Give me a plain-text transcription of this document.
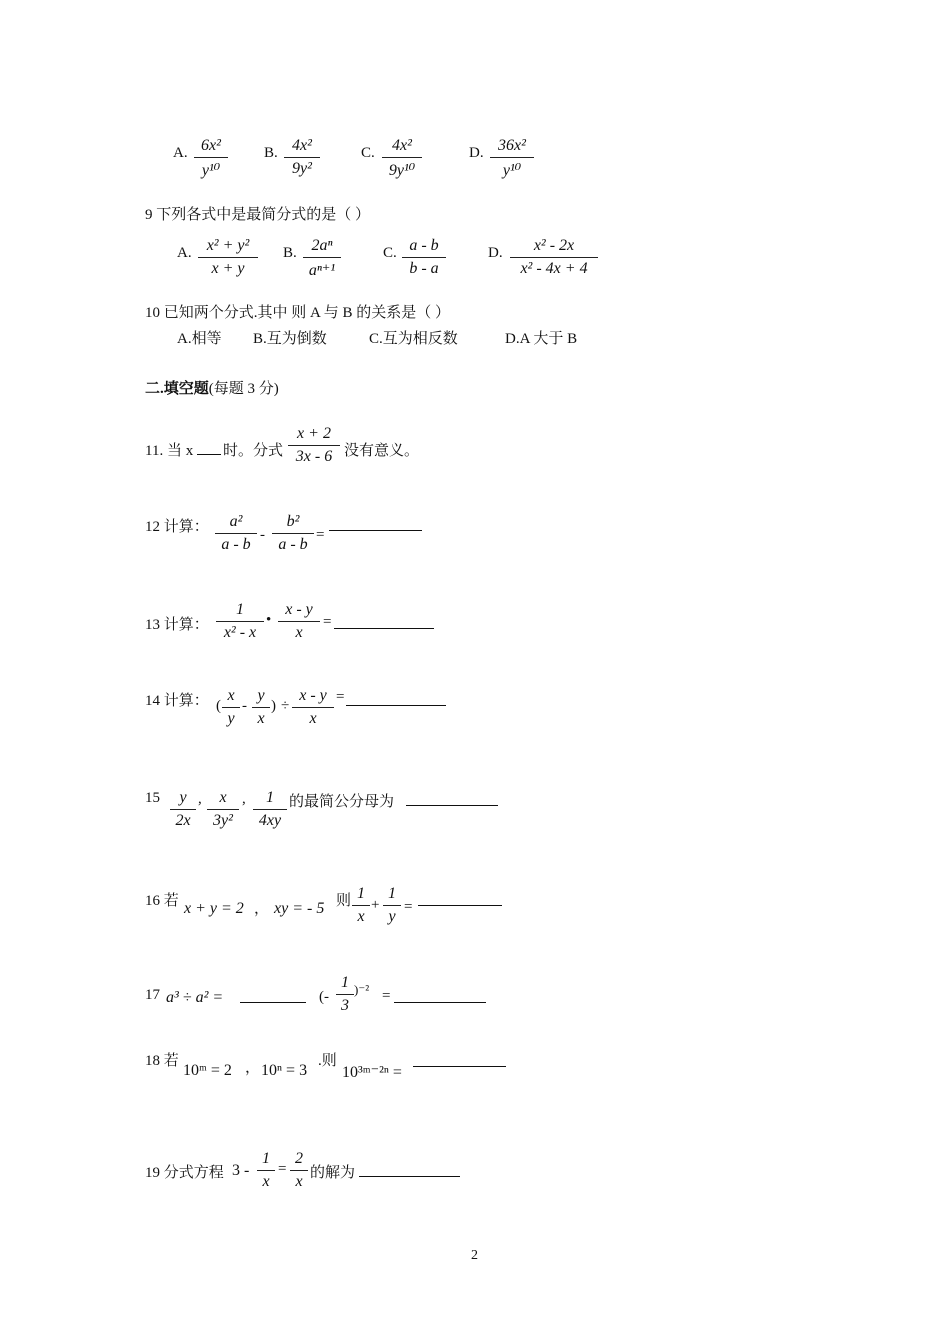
A. $\frac{\text{6x²}}{\text{y¹⁰}} B$. $\frac{\text{4x²}}{\text{9y²}}$	C. $\frac{\text{4x²}}{\text{9y¹⁰}}$	D. $\frac{\text{36x²}}{\text{y¹⁰}}$
9 下列各式中是最简分式的是（ ）
A. $\frac{\text{x² + y²}}{x + y} B$. $\frac{\text{2aⁿ}}{\text{aⁿ⁺¹}}$	C. $\frac{a - b}{b - a}$	D. $\frac{\text{x² - 2x}}{\text{x² - 4x + 4}}$
10 已知两个分式.其中 则 A 与 B 的关系是（ ）
A.相等 B.互为倒数	C.互为相反数	D.A 大于 B
二.填空题(每题 3 分)
11. 当 x 时。分式 $\frac{x + 2}{3x - 6}$ 没有意义。
12 计算： $\frac{\text{a²}}{a - b} - \frac{\text{b²}}{a - b}$ =
13 计算： $\frac{1}{\text{x² - x}}$ • $\frac{x - y}{x}$ =
14 计算： ( $\frac{x}{y} - \frac{y}{x}$ ) ÷ $\frac{x - y}{x}$ =
$15 \frac{y}{2x}$ , $\frac{x}{\text{3y²}}$ , $\frac{1}{4xy}$ 的最简公分母为
16 若 x + y = 2 ， xy = - 5 则 $\frac{1}{x} + \frac{1}{y}$ =
17 a³ ÷ a² =	(- $\frac{1}{3} )^{-2}$ =
18 若
10ᵐ = 2 ， 10ⁿ = 3
.则
10³ᵐ⁻²ⁿ =
19 分式方程 $3 - \frac{1}{x} = \frac{2}{x}$ 的解为
2
